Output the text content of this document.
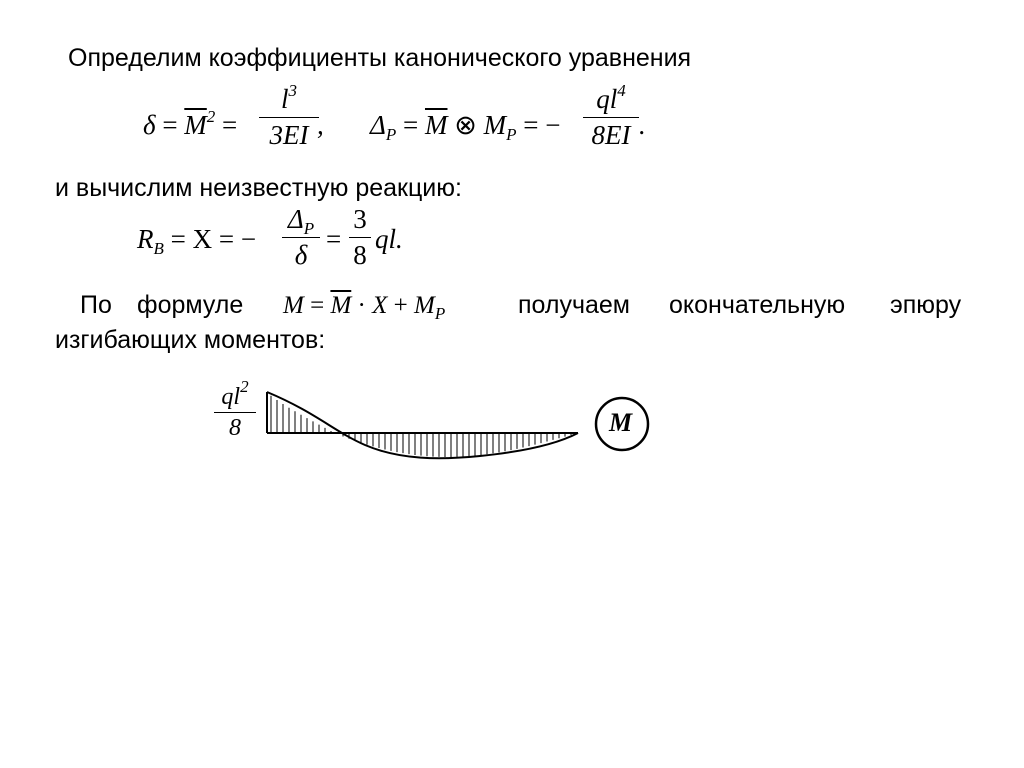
Определим коэффициенты канонического уравнения
$\delta = \overline{M}^2$ =
$l^3$
3EI , $\Delta_P = \overline{M}$ ⊗ $M_P$ = −
$ql^4$
8EI .
и вычислим неизвестную реакцию:
$R_B = X$ = −
$\Delta_P$
δ
=
3
8
ql.
По формуле $M = \overline{M} \cdot X + M_P$	получаем окончательную эпюру
изгибающих моментов:
$ql^2$
8	M
